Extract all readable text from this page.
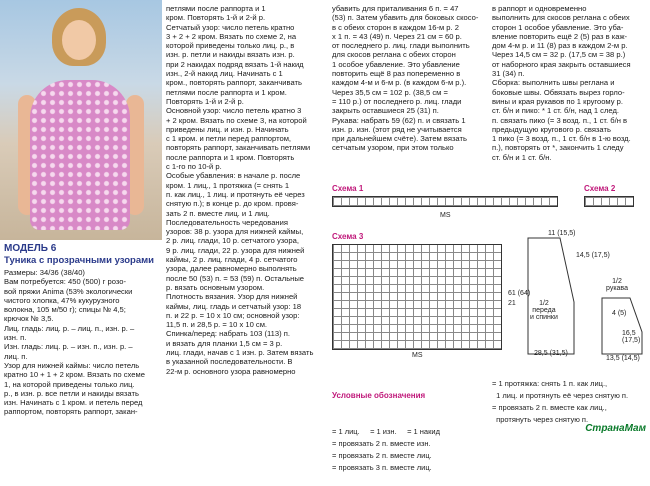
МОДЕЛЬ 6
Туника с прозрачными узорами
Размеры: 34/36 (38/40)
Вам потребуется: 450 (500) г розо-
вой пряжи Anima (53% экологически
чистого хлопка, 47% кукурузного
волокна, 105 м/50 г); спицы № 4,5;
крючок № 3,5.
Лиц. гладь: лиц. р. – лиц. п., изн. р. –
изн. п.
Изн. гладь: лиц. р. – изн. п., изн. р. –
лиц. п.
Узор для нижней каймы: число петель
кратно 10 + 1 + 2 кром. Вязать по схеме
1, на которой приведены только лиц.
р., в изн. р. все петли и накиды вязать
изн. Начинать с 1 кром. и петель перед
раппортом, повторять раппорт, закан-
петлями после раппорта и 1
кром. Повторять 1-й и 2-й р.
Сетчатый узор: число петель кратно
3 + 2 + 2 кром. Вязать по схеме 2, на
которой приведены только лиц. р., в
изн. р. петли и накиды вязать изн. р.
при 2 накидах подряд вязать 1-й накид
изн., 2-й накид лиц. Начинать с 1
кром., повторять раппорт, заканчивать
петлями после раппорта и 1 кром.
Повторять 1-й и 2-й р.
Основной узор: число петель кратно 3
+ 2 кром. Вязать по схеме 3, на которой
приведены лиц. и изн. р. Начинать
с 1 кром. и петли перед раппортом,
повторять раппорт, заканчивать петлями
после раппорта и 1 кром. Повторять
с 1-го по 10-й р.
Особые убавления: в начале р. после
кром. 1 лиц., 1 протяжка (= снять 1
п. как лиц., 1 лиц. и протянуть её через
снятую п.); в конце р. до кром. провя-
зать 2 п. вместе лиц. и 1 лиц.
Последовательность чередования
узоров: 38 р. узора для нижней каймы,
2 р. лиц. глади, 10 р. сетчатого узора,
9 р. лиц. глади, 22 р. узора для нижней
каймы, 2 р. лиц. глади, 4 р. сетчатого
узора, далее равномерно выполнять
после 50 (53) п. = 53 (59) п. Остальные
р. вязать основным узором.
Плотность вязания. Узор для нижней
каймы, лиц. гладь и сетчатый узор: 18
п. и 22 р. = 10 х 10 см; основной узор:
11,5 п. и 28,5 р. = 10 х 10 см.
Спинка/перед: набрать 103 (113) п.
и вязать для планки 1,5 см = 3 р.
лиц. глади, начав с 1 изн. р. Затем вязать
в указанной последовательности. В
22-м р. основного узора равномерно
убавить для приталивания 6 п. = 47
(53) п. Затем убавить для боковых скосо-
в с обеих сторон в каждом 16-м р. 2
х 1 п. = 43 (49) п. Через 21 см = 60 р.
от последнего р. лиц. глади выполнить
для скосов реглана с обеих сторон
1 особое убавление. Это убавление
повторить ещё 8 раз попеременно в
каждом 4-м и 6-м р. (в каждом 6-м р.).
Через 35,5 см = 102 р. (38,5 см =
= 110 р.) от последнего р. лиц. глади
закрыть оставшиеся 25 (31) п.
Рукава: набрать 59 (62) п. и связать 1
изн. р. изн. (этот ряд не учитывается
при дальнейшем счёте). Затем вязать
сетчатым узором, при этом только
в раппорт и одновременно
выполнить для скосов реглана с обеих
сторон 1 особое убавление. Это уба-
вление повторить ещё 2 (5) раз в каж-
дом 4-м р. и 11 (8) раз в каждом 2-м р.
Через 14,5 см = 32 р. (17,5 см = 38 р.)
от наборного края закрыть оставшиеся
31 (34) п.
Сборка: выполнить швы реглана и
боковые швы. Обвязать вырез горло-
вины и края рукавов по 1 кругоому р.
ст. б/н и пико: * 1 ст. б/н, над 1 след.
п. связать пико (= 3 возд. п., 1 ст. б/н в
предыдущую кругового р. связать
1 пико (= 3 возд. п., 1 ст. б/н в 1-ю возд.
п.), повторять от *, закончить 1 следу
ст. б/н и 1 ст. б/н.
Схема 1
MS
Схема 2
Схема 3
MS
1/2
переда
и спинки
1/2
рукава
11 (15,5)
14,5 (17,5)
28,5 (31,5)
21
61 (64)
13,5 (14,5)
16,5 (17,5)
4 (5)

Условные обозначения

= 1 лиц.     = 1 изн.     = 1 накид
= провязать 2 п. вместе изн.
= провязать 2 п. вместе лиц.
= провязать 3 п. вместе лиц.

= 1 протяжка: снять 1 п. как лиц.,
1 лиц. и протянуть её через снятую п.
= провязать 2 п. вместе как лиц.,
протянуть через снятую п.
СтранаМам
